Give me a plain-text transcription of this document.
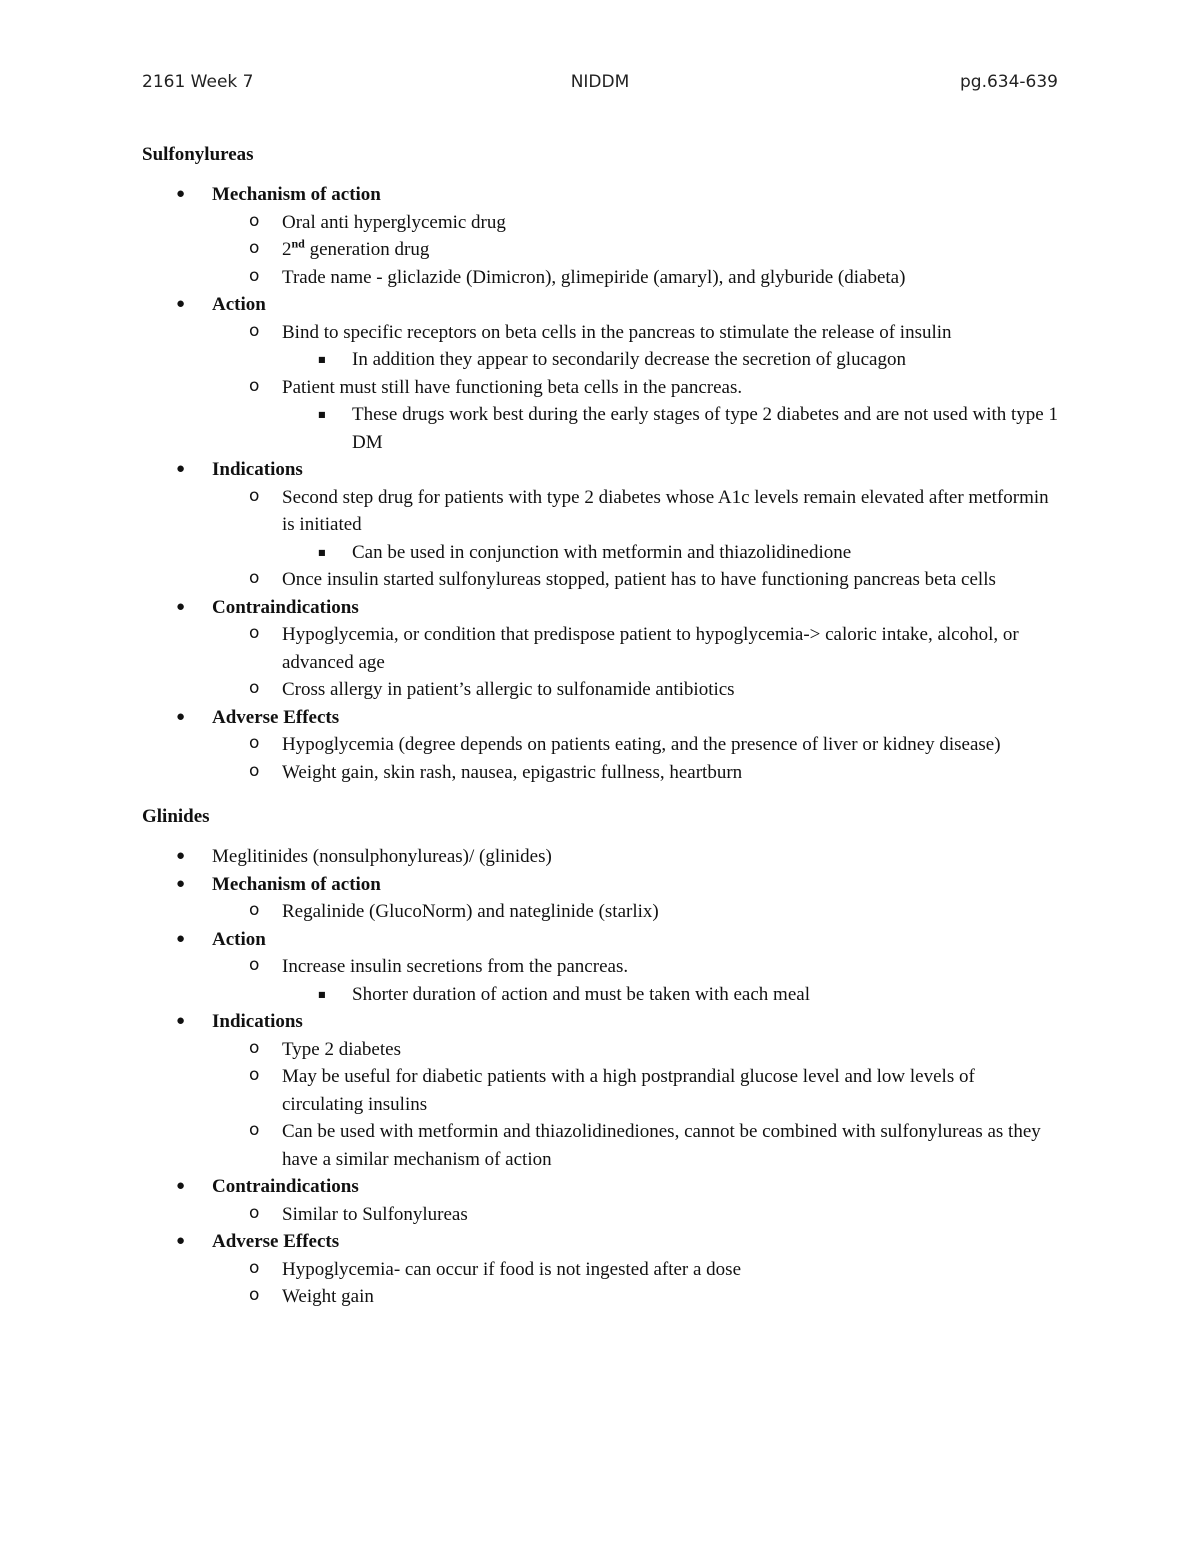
2161 Week 7	NIDDM	pg.634-639
Sulfonylureas
● Mechanism of action
o Oral anti hyperglycemic drug
o 2nd generation drug
o Trade name - gliclazide (Dimicron), glimepiride (amaryl), and glyburide (diabeta)
● Action
o Bind to specific receptors on beta cells in the pancreas to stimulate the release of insulin
■ In addition they appear to secondarily decrease the secretion of glucagon
o Patient must still have functioning beta cells in the pancreas.
■ These drugs work best during the early stages of type 2 diabetes and are not used with type 1 DM
● Indications
o Second step drug for patients with type 2 diabetes whose A1c levels remain elevated after metformin is initiated
■ Can be used in conjunction with metformin and thiazolidinedione
o Once insulin started sulfonylureas stopped, patient has to have functioning pancreas beta cells
● Contraindications
o Hypoglycemia, or condition that predispose patient to hypoglycemia-> caloric intake, alcohol, or advanced age
o Cross allergy in patient’s allergic to sulfonamide antibiotics
● Adverse Effects
o Hypoglycemia (degree depends on patients eating, and the presence of liver or kidney disease)
o Weight gain, skin rash, nausea, epigastric fullness, heartburn
Glinides
● Meglitinides (nonsulphonylureas)/ (glinides)
● Mechanism of action
o Regalinide (GlucoNorm) and nateglinide (starlix)
● Action
o Increase insulin secretions from the pancreas.
■ Shorter duration of action and must be taken with each meal
● Indications
o Type 2 diabetes
o May be useful for diabetic patients with a high postprandial glucose level and low levels of circulating insulins
o Can be used with metformin and thiazolidinediones, cannot be combined with sulfonylureas as they have a similar mechanism of action
● Contraindications
o Similar to Sulfonylureas
● Adverse Effects
o Hypoglycemia- can occur if food is not ingested after a dose
o Weight gain
